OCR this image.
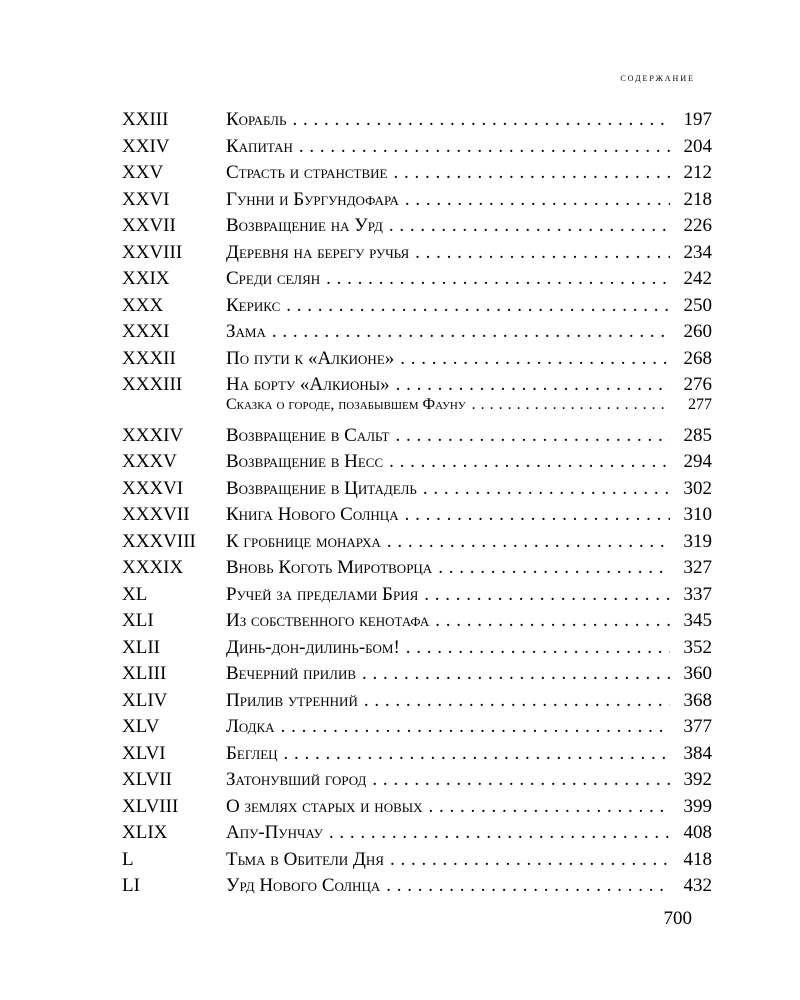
содержание
XXIII	Корабль . . .	197
XXIV	Капитан . . .	204
XXV	Страсть и странствие . . .	212
XXVI	Гунни и Бургундофара . . .	218
XXVII	Возвращение на Урд . . .	226
XXVIII	Деревня на берегу ручья . . .	234
XXIX	Среди селян . . .	242
XXX	Керикс . . .	250
XXXI	Зама . . .	260
XXXII	По пути к «Алкионе» . . .	268
XXXIII	На борту «Алкионы» . . .	276
Сказка о городе, позабывшем Фауну . . .	277
XXXIV	Возвращение в Сальт . . .	285
XXXV	Возвращение в Несс . . .	294
XXXVI	Возвращение в Цитадель . . .	302
XXXVII	Книга Нового Солнца . . .	310
XXXVIII	К гробнице монарха . . .	319
XXXIX	Вновь Коготь Миротворца . . .	327
XL	Ручей за пределами Брия . . .	337
XLI	Из собственного кенотафа . . .	345
XLII	Динь-дон-дилинь-бом! . . .	352
XLIII	Вечерний прилив . . .	360
XLIV	Прилив утренний . . .	368
XLV	Лодка . . .	377
XLVI	Беглец . . .	384
XLVII	Затонувший город . . .	392
XLVIII	О землях старых и новых . . .	399
XLIX	Апу-Пунчау . . .	408
L	Тьма в Обители Дня . . .	418
LI	Урд Нового Солнца . . .	432
700
